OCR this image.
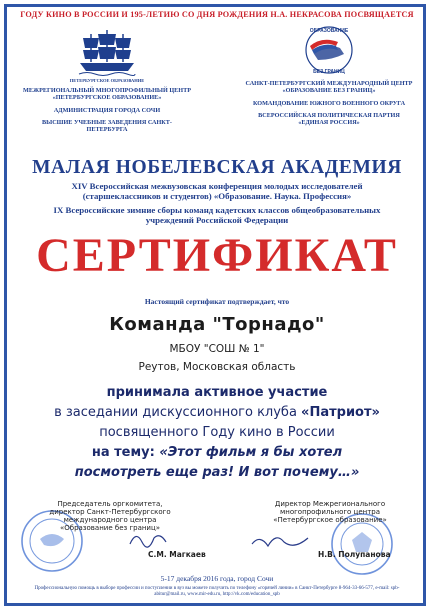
ГОДУ КИНО В РОССИИ И 195-ЛЕТИЮ СО ДНЯ РОЖДЕНИЯ Н.А. НЕКРАСОВА ПОСВЯЩАЕТСЯ
ПЕТЕРБУРГСКОЕ ОБРАЗОВАНИЕ
МЕЖРЕГИОНАЛЬНЫЙ МНОГОПРОФИЛЬНЫЙ ЦЕНТР «ПЕТЕРБУРГСКОЕ ОБРАЗОВАНИЕ»
АДМИНИСТРАЦИЯ ГОРОДА СОЧИ
ВЫСШИЕ УЧЕБНЫЕ ЗАВЕДЕНИЯ САНКТ-ПЕТЕРБУРГА
ОБРАЗОВАНИЕ
БЕЗ ГРАНИЦ
САНКТ-ПЕТЕРБУРГСКИЙ МЕЖДУНАРОДНЫЙ ЦЕНТР «ОБРАЗОВАНИЕ БЕЗ ГРАНИЦ»
КОМАНДОВАНИЕ ЮЖНОГО ВОЕННОГО ОКРУГА
ВСЕРОССИЙСКАЯ ПОЛИТИЧЕСКАЯ ПАРТИЯ «ЕДИНАЯ РОССИЯ»
МАЛАЯ НОБЕЛЕВСКАЯ АКАДЕМИЯ
XIV Всероссийская межвузовская конференция молодых исследователей (старшеклассников и студентов) «Образование. Наука. Профессия»
IX Всероссийские зимние сборы команд кадетских классов общеобразовательных учреждений Российской Федерации
СЕРТИФИКАТ
Настоящий сертификат подтверждает, что
Команда "Торнадо"
МБОУ "СОШ № 1"
Реутов, Московская область
принимала активное участие
в заседании дискуссионного клуба «Патриот»
посвященного Году кино в России
на тему: «Этот фильм я бы хотел
посмотреть еще раз! И вот почему…»
Председатель оргкомитета, директор Санкт-Петербургского международного центра «Образование без границ»
Директор Межрегионального многопрофильного центра «Петербургское образование»
С.М. Магкаев	Н.В. Полупанова
5-17 декабря 2016 года, город Сочи
Профессиональную помощь в выборе профессии и поступлении в вуз вы можете получить по телефону «горячей линии» в Санкт-Петербурге 8-964-33-66-577, e-mail: spb-abitur@mail.ru, www.mir-edu.ru, http://vk.com/education_spb
